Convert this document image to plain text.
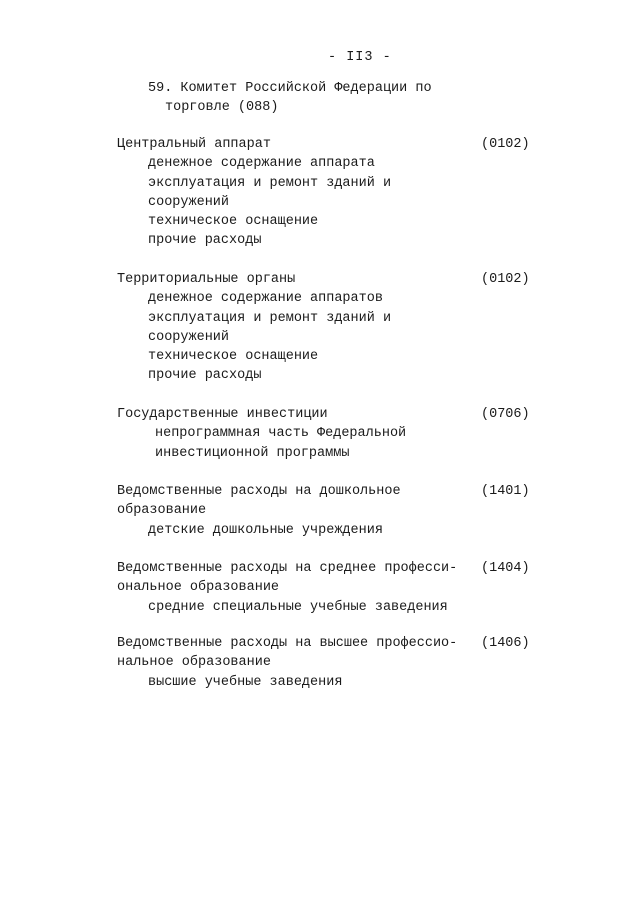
- II3 -
59. Комитет Российской Федерации по
торговле (088)
Центральный аппарат	(0102)
денежное содержание аппарата
эксплуатация и ремонт зданий и
сооружений
техническое оснащение
прочие расходы
Территориальные органы	(0102)
денежное содержание аппаратов
эксплуатация и ремонт зданий и
сооружений
техническое оснащение
прочие расходы
Государственные инвестиции	(0706)
непрограммная часть Федеральной
инвестиционной программы
Ведомственные расходы на дошкольное	(1401)
образование
детские дошкольные учреждения
Ведомственные расходы на среднее професси- (1404)
ональное образование
средние специальные учебные заведения
Ведомственные расходы на высшее профессио- (1406)
нальное образование
высшие учебные заведения
